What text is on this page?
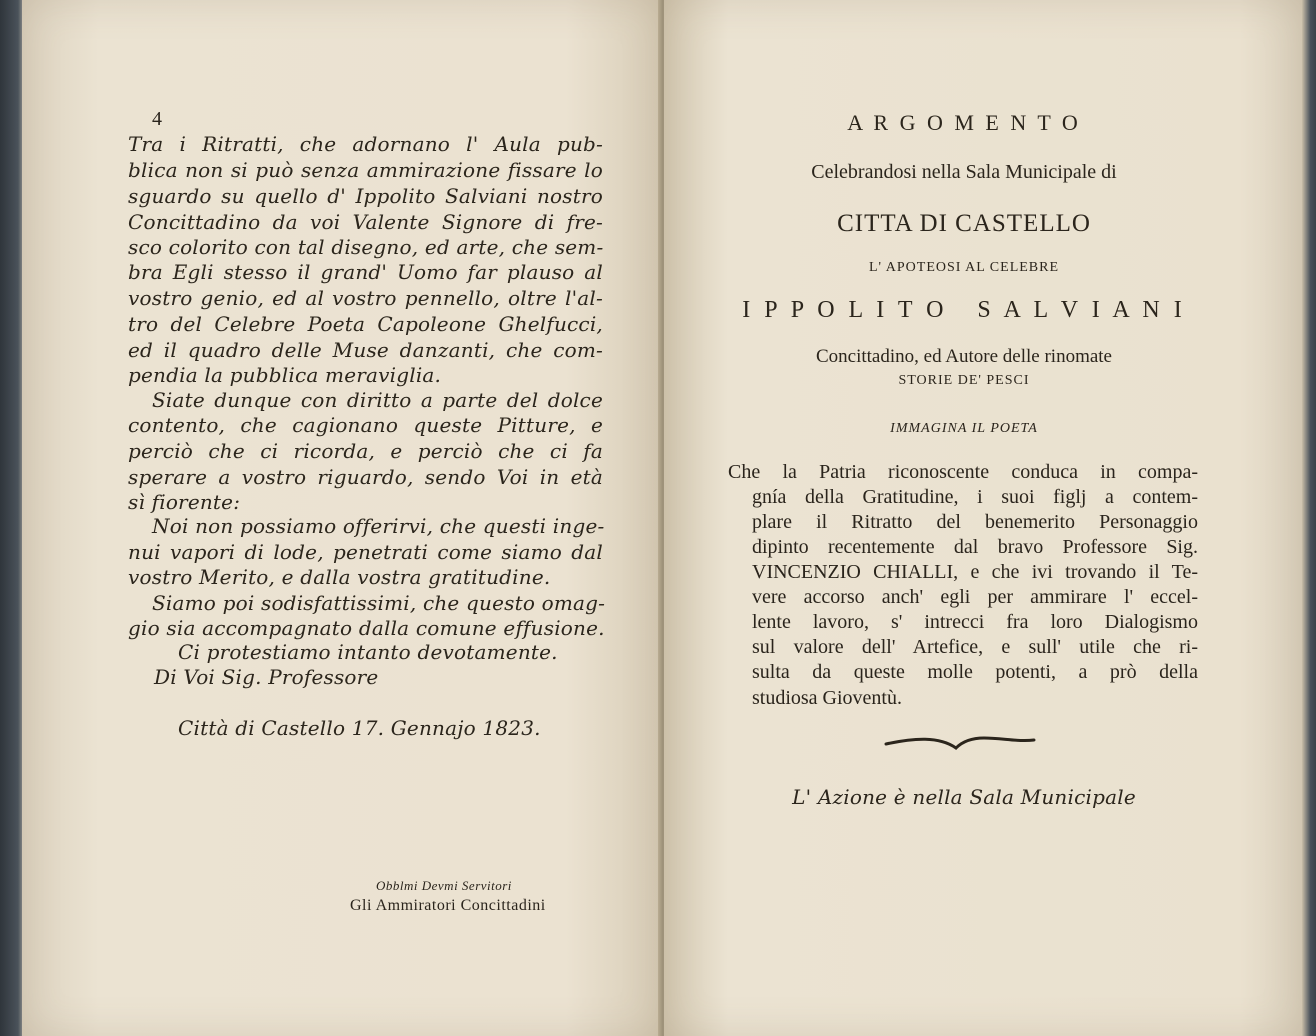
4
Tra i Ritratti, che adornano l' Aula pub-
blica non si può senza ammirazione fissare lo
sguardo su quello d' Ippolito Salviani nostro
Concittadino da voi Valente Signore di fre-
sco colorito con tal disegno, ed arte, che sem-
bra Egli stesso il grand' Uomo far plauso al
vostro genio, ed al vostro pennello, oltre l'al-
tro del Celebre Poeta Capoleone Ghelfucci,
ed il quadro delle Muse danzanti, che com-
pendia la pubblica meraviglia.
Siate dunque con diritto a parte del dolce
contento, che cagionano queste Pitture, e
perciò che ci ricorda, e perciò che ci fa
sperare a vostro riguardo, sendo Voi in età
sì fiorente:
Noi non possiamo offerirvi, che questi inge-
nui vapori di lode, penetrati come siamo dal
vostro Merito, e dalla vostra gratitudine.
Siamo poi sodisfattissimi, che questo omag-
gio sia accompagnato dalla comune effusione.
Ci protestiamo intanto devotamente.
Di Voi Sig. Professore
Città di Castello 17. Gennajo 1823.
Obblmi Devmi Servitori
Gli Ammiratori Concittadini
A R G O M E N T O
Celebrandosi nella Sala Municipale di
CITTA DI CASTELLO
L' APOTEOSI AL CELEBRE
I P P O L I T O   S A L V I A N I
Concittadino, ed Autore delle rinomate
STORIE DE' PESCI
IMMAGINA IL POETA
Che la Patria riconoscente conduca in compa-
gnía della Gratitudine, i suoi figlj a contem-
plare il Ritratto del benemerito Personaggio
dipinto recentemente dal bravo Professore Sig.
VINCENZIO CHIALLI, e che ivi trovando il Te-
vere accorso anch' egli per ammirare l' eccel-
lente lavoro, s' intrecci fra loro Dialogismo
sul valore dell' Artefice, e sull' utile che ri-
sulta da queste molle potenti, a prò della
studiosa Gioventù.
L' Azione è nella Sala Municipale
